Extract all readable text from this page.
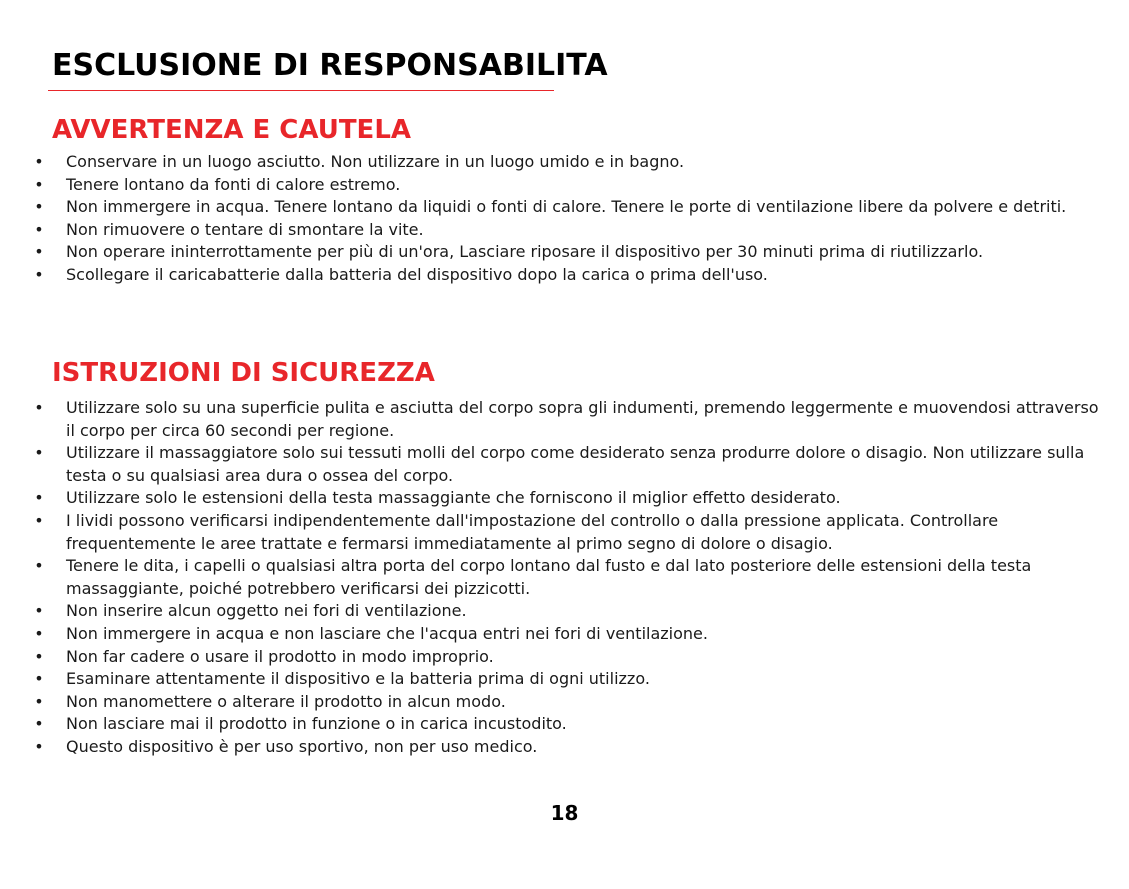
ESCLUSIONE DI RESPONSABILITA
AVVERTENZA E CAUTELA
• Conservare in un luogo asciutto. Non utilizzare in un luogo umido e in bagno.
• Tenere lontano da fonti di calore estremo.
• Non immergere in acqua. Tenere lontano da liquidi o fonti di calore. Tenere le porte di ventilazione libere da polvere e detriti.
• Non rimuovere o tentare di smontare la vite.
• Non operare ininterrottamente per più di un'ora, Lasciare riposare il dispositivo per 30 minuti prima di riutilizzarlo.
• Scollegare il caricabatterie dalla batteria del dispositivo dopo la carica o prima dell'uso.
ISTRUZIONI DI SICUREZZA
• Utilizzare solo su una superficie pulita e asciutta del corpo sopra gli indumenti, premendo leggermente e muovendosi attraverso il corpo per circa 60 secondi per regione.
• Utilizzare il massaggiatore solo sui tessuti molli del corpo come desiderato senza produrre dolore o disagio. Non utilizzare sulla testa o su qualsiasi area dura o ossea del corpo.
• Utilizzare solo le estensioni della testa massaggiante che forniscono il miglior effetto desiderato.
• I lividi possono verificarsi indipendentemente dall'impostazione del controllo o dalla pressione applicata. Controllare frequentemente le aree trattate e fermarsi immediatamente al primo segno di dolore o disagio.
• Tenere le dita, i capelli o qualsiasi altra porta del corpo lontano dal fusto e dal lato posteriore delle estensioni della testa massaggiante, poiché potrebbero verificarsi dei pizzicotti.
• Non inserire alcun oggetto nei fori di ventilazione.
• Non immergere in acqua e non lasciare che l'acqua entri nei fori di ventilazione.
• Non far cadere o usare il prodotto in modo improprio.
• Esaminare attentamente il dispositivo e la batteria prima di ogni utilizzo.
• Non manomettere o alterare il prodotto in alcun modo.
• Non lasciare mai il prodotto in funzione o in carica incustodito.
• Questo dispositivo è per uso sportivo, non per uso medico.
18
